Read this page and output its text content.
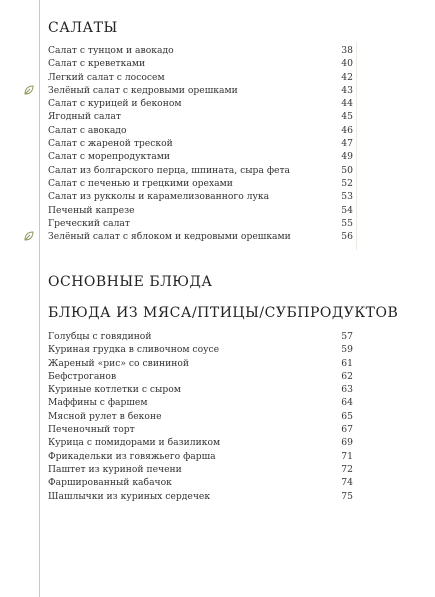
САЛАТЫ
Салат с тунцом и авокадо	38
Салат с креветками	40
Легкий салат с лососем	42
Зелёный салат с кедровыми орешками	43
Салат с курицей и беконом	44
Ягодный салат	45
Салат с авокадо	46
Салат с жареной треской	47
Салат с морепродуктами	49
Салат из болгарского перца, шпината, сыра фета	50
Салат с печенью и грецкими орехами	52
Салат из рукколы и карамелизованного лука	53
Печеный капрезе	54
Греческий салат	55
Зелёный салат с яблоком и кедровыми орешками	56
ОСНОВНЫЕ БЛЮДА
БЛЮДА ИЗ МЯСА/ПТИЦЫ/СУБПРОДУКТОВ
Голубцы с говядиной	57
Куриная грудка в сливочном соусе	59
Жареный «рис» со свининой	61
Бефстроганов	62
Куриные котлетки с сыром	63
Маффины с фаршем	64
Мясной рулет в беконе	65
Печеночный торт	67
Курица с помидорами и базиликом	69
Фрикадельки из говяжьего фарша	71
Паштет из куриной печени	72
Фаршированный кабачок	74
Шашлычки из куриных сердечек	75
